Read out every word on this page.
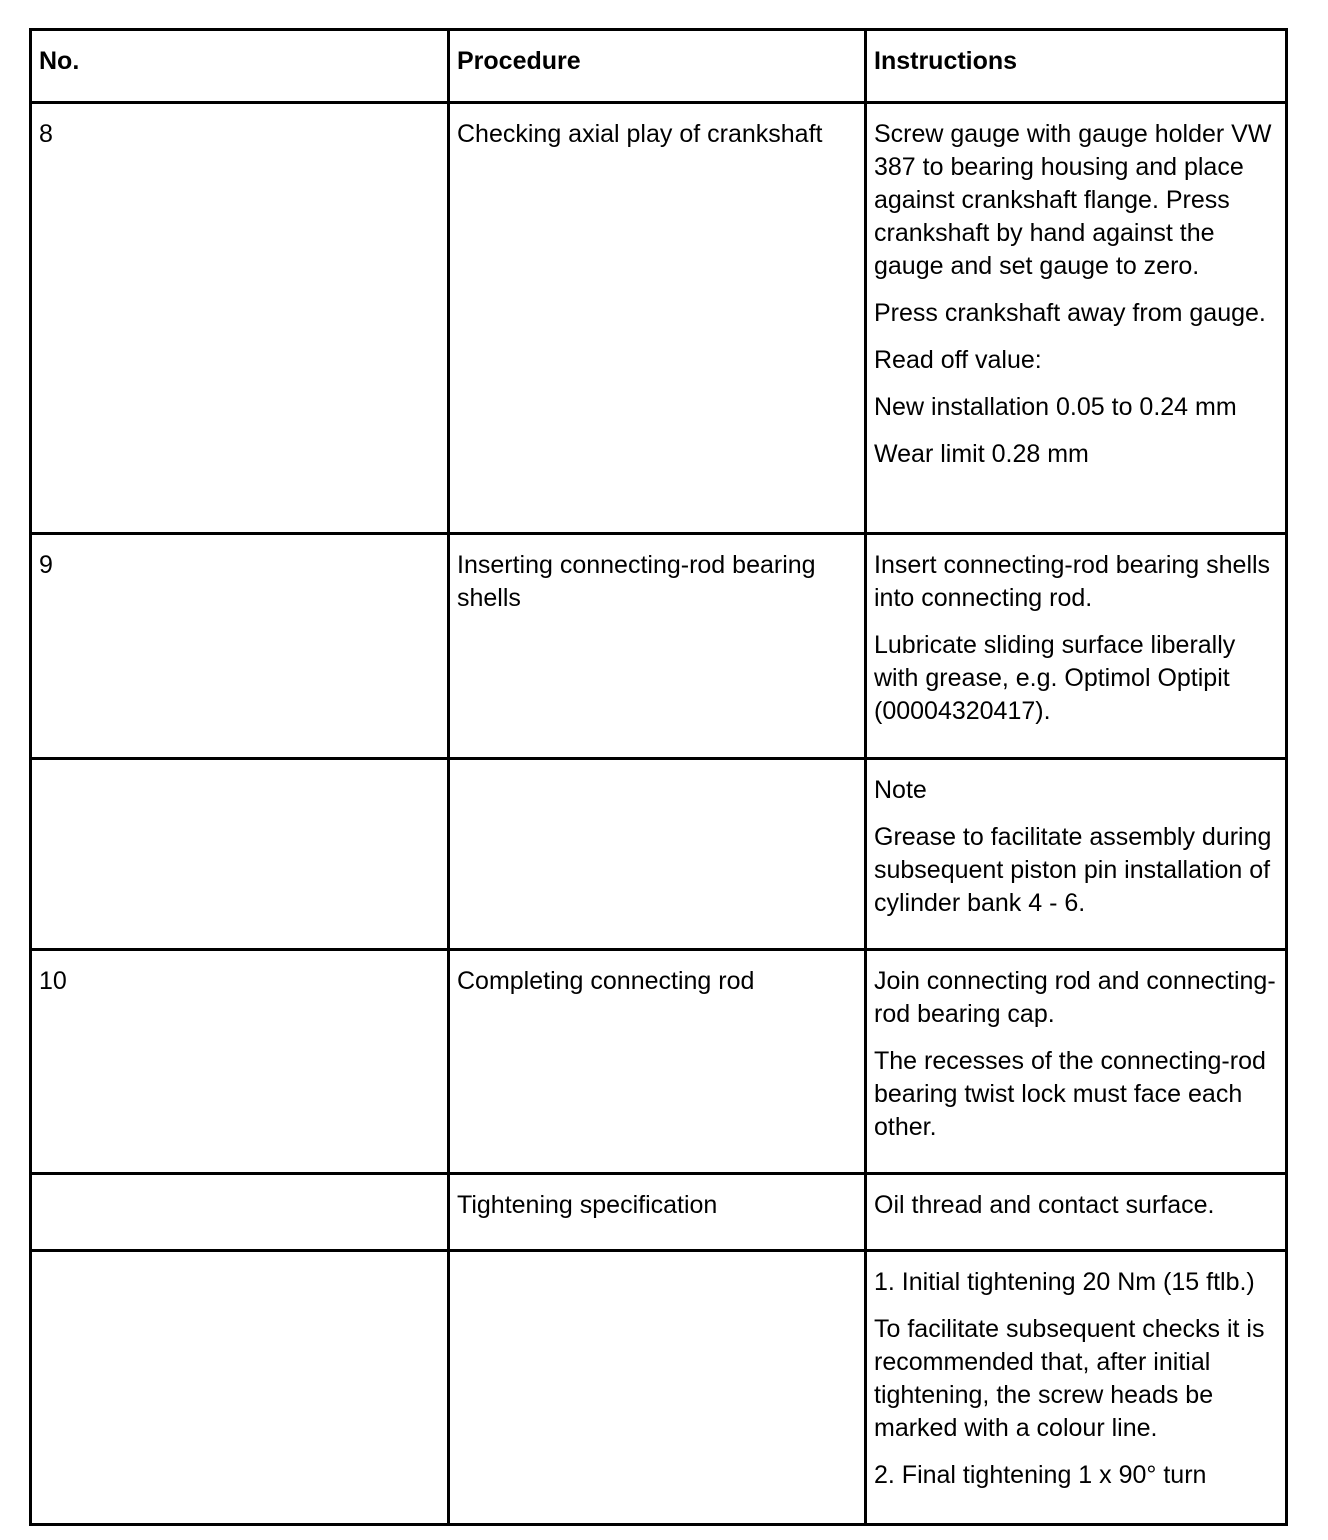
No.	Procedure	Instructions
8	Checking axial play of crankshaft	Screw gauge with gauge holder VW 387 to bearing housing and place against crankshaft flange. Press crankshaft by hand against the gauge and set gauge to zero.
Press crankshaft away from gauge.
Read off value:
New installation 0.05 to 0.24 mm
Wear limit 0.28 mm

9	Inserting connecting-rod bearing shells	Insert connecting-rod bearing shells into connecting rod.
Lubricate sliding surface liberally with grease, e.g. Optimol Optipit (00004320417).

		Note
Grease to facilitate assembly during subsequent piston pin installation of cylinder bank 4 - 6.

10	Completing connecting rod	Join connecting rod and connecting-rod bearing cap.
The recesses of the connecting-rod bearing twist lock must face each other.

	Tightening specification	Oil thread and contact surface.

		1. Initial tightening 20 Nm (15 ftlb.)
To facilitate subsequent checks it is recommended that, after initial tightening, the screw heads be marked with a colour line.
2. Final tightening 1 x 90° turn
